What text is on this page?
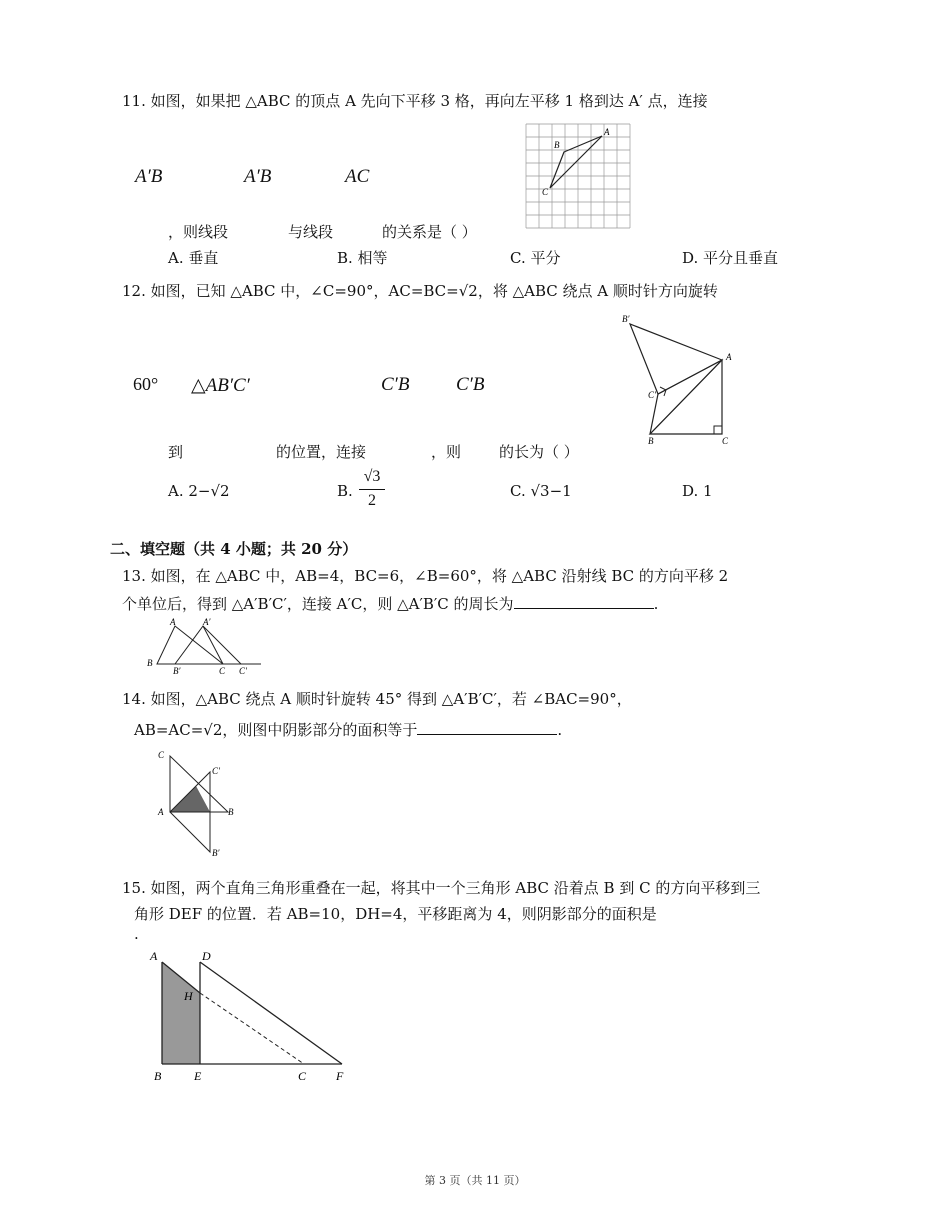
11. 如图，如果把 △ABC 的顶点 A 先向下平移 3 格，再向左平移 1 格到达 A′ 点，连接
A′B	A′B	AC
，则线段	与线段	的关系是（ ）
A
B
C
A. 垂直	B. 相等	C. 平分	D. 平分且垂直
12. 如图，已知 △ABC 中，∠C=90°，AC=BC=√2，将 △ABC 绕点 A 顺时针方向旋转
60° △AB′C′	C′B C′B
到	的位置，连接	，则	的长为（ ）
B′
A
C′
B	C
A. 2−√2	B.
√3
2
C. √3−1	D. 1
二、填空题（共 4 小题；共 20 分）
13. 如图，在 △ABC 中，AB=4，BC=6，∠B=60°，将 △ABC 沿射线 BC 的方向平移 2
个单位后，得到 △A′B′C′，连接 A′C，则 △A′B′C 的周长为	.
A	A′
B
B′	C C′
14. 如图，△ABC 绕点 A 顺时针旋转 45° 得到 △A′B′C′，若 ∠BAC=90°，
AB=AC=√2，则图中阴影部分的面积等于	.
C
C′
A	B
B′
15. 如图，两个直角三角形重叠在一起，将其中一个三角形 ABC 沿着点 B 到 C 的方向平移到三
角形 DEF 的位置．若 AB=10，DH=4，平移距离为 4，则阴影部分的面积是
.
A	D
H
B	E	C F
第 3 页（共 11 页）
